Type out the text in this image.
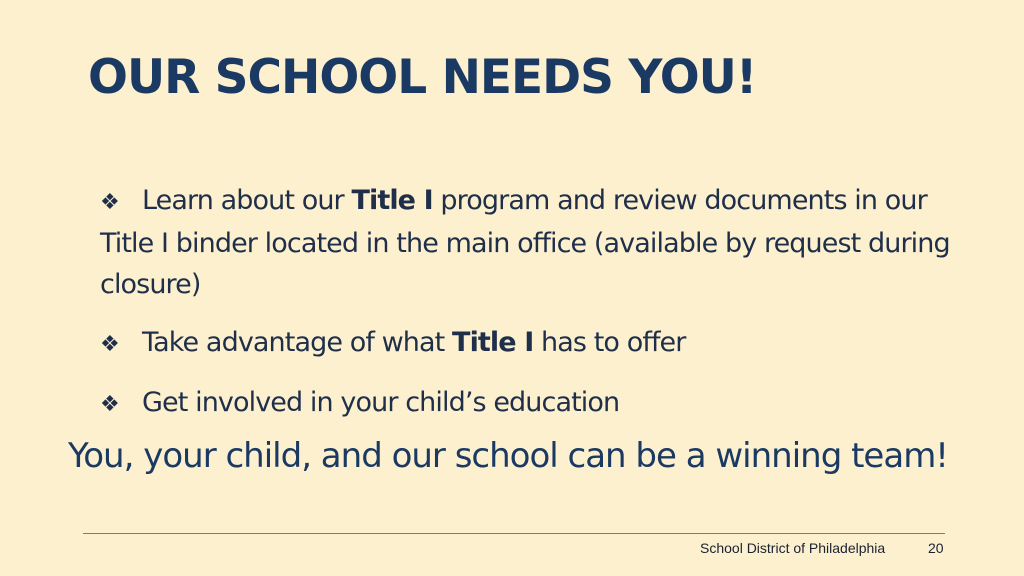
OUR SCHOOL NEEDS YOU!
❖ Learn about our Title I program and review documents in our Title I binder located in the main office (available by request during closure)
❖ Take advantage of what Title I has to offer
❖ Get involved in your child’s education

You, your child, and our school can be a winning team!

School District of Philadelphia	20
